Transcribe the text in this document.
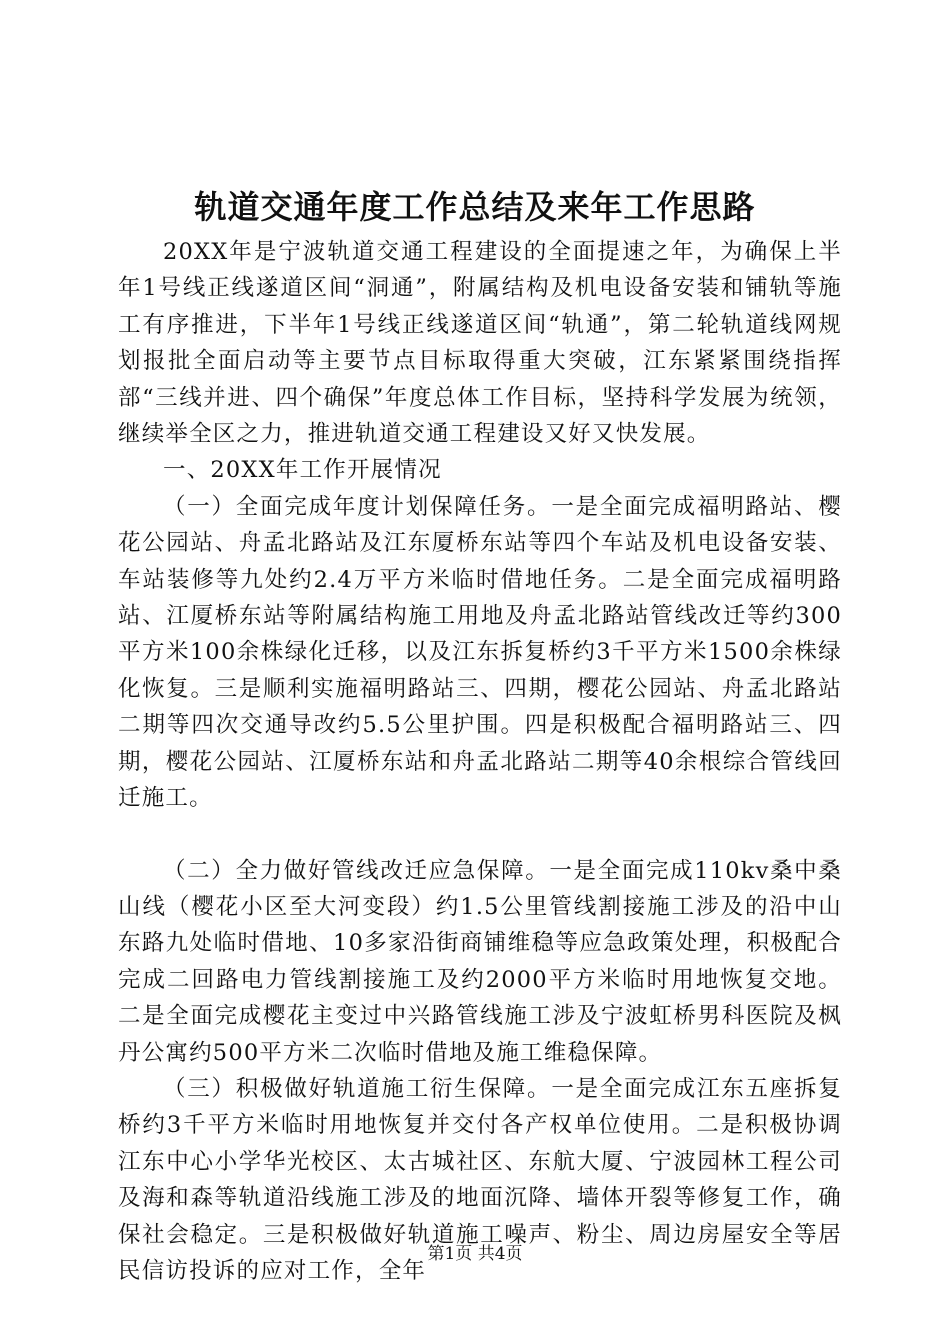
轨道交通年度工作总结及来年工作思路

20XX年是宁波轨道交通工程建设的全面提速之年，为确保上半年1号线正线遂道区间“洞通”，附属结构及机电设备安装和铺轨等施工有序推进，下半年1号线正线遂道区间“轨通”，第二轮轨道线网规划报批全面启动等主要节点目标取得重大突破，江东紧紧围绕指挥部“三线并进、四个确保”年度总体工作目标，坚持科学发展为统领，继续举全区之力，推进轨道交通工程建设又好又快发展。

一、20XX年工作开展情况

（一）全面完成年度计划保障任务。一是全面完成福明路站、樱花公园站、舟孟北路站及江东厦桥东站等四个车站及机电设备安装、车站装修等九处约2.4万平方米临时借地任务。二是全面完成福明路站、江厦桥东站等附属结构施工用地及舟孟北路站管线改迁等约300平方米100余株绿化迁移，以及江东拆复桥约3千平方米1500余株绿化恢复。三是顺利实施福明路站三、四期，樱花公园站、舟孟北路站二期等四次交通导改约5.5公里护围。四是积极配合福明路站三、四期，樱花公园站、江厦桥东站和舟孟北路站二期等40余根综合管线回迁施工。

（二）全力做好管线改迁应急保障。一是全面完成110kv桑中桑山线（樱花小区至大河变段）约1.5公里管线割接施工涉及的沿中山东路九处临时借地、10多家沿街商铺维稳等应急政策处理，积极配合完成二回路电力管线割接施工及约2000平方米临时用地恢复交地。二是全面完成樱花主变过中兴路管线施工涉及宁波虹桥男科医院及枫丹公寓约500平方米二次临时借地及施工维稳保障。

（三）积极做好轨道施工衍生保障。一是全面完成江东五座拆复桥约3千平方米临时用地恢复并交付各产权单位使用。二是积极协调江东中心小学华光校区、太古城社区、东航大厦、宁波园林工程公司及海和森等轨道沿线施工涉及的地面沉降、墙体开裂等修复工作，确保社会稳定。三是积极做好轨道施工噪声、粉尘、周边房屋安全等居民信访投诉的应对工作，全年

第1页 共4页
